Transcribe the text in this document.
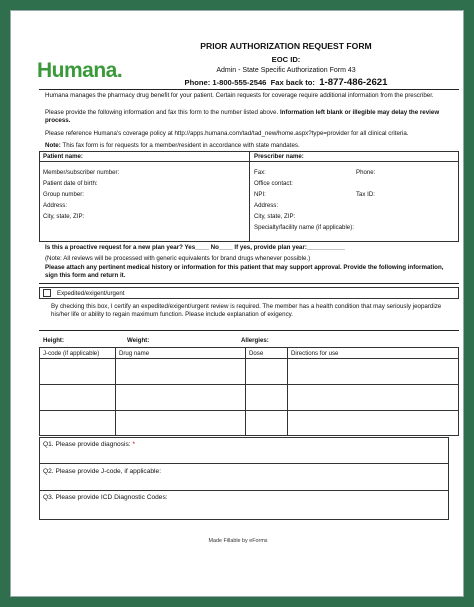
Humana.
PRIOR AUTHORIZATION REQUEST FORM
EOC ID:
Admin - State Specific Authorization Form 43
Phone: 1-800-555-2546 Fax back to: 1-877-486-2621
Humana manages the pharmacy drug benefit for your patient. Certain requests for coverage require additional information from the prescriber.
Please provide the following information and fax this form to the number listed above. Information left blank or illegible may delay the review process.
Please reference Humana's coverage policy at http://apps.humana.com/tad/tad_new/home.aspx?type=provider for all clinical criteria.
Note: This fax form is for requests for a member/resident in accordance with state mandates.
Patient name:
Member/subscriber number:
Patient date of birth:
Group number:
Address:
City, state, ZIP:
Prescriber name:
Fax:	Phone:
Office contact:
NPI:	Tax ID:
Address:
City, state, ZIP:
Specialty/facility name (if applicable):
Is this a proactive request for a new plan year? Yes____ No____ If yes, provide plan year:___________
(Note: All reviews will be processed with generic equivalents for brand drugs whenever possible.)
Please attach any pertinent medical history or information for this patient that may support approval. Provide the following information, sign this form and return it.
Expedited/exigent/urgent
By checking this box, I certify an expedited/exigent/urgent review is required. The member has a health condition that may seriously jeopardize his/her life or ability to regain maximum function. Please include explanation of exigency.
Height:	Weight:	Allergies:
J-code (if applicable)	Drug name	Dose	Directions for use
Q1. Please provide diagnosis: *
Q2. Please provide J-code, if applicable:
Q3. Please provide ICD Diagnostic Codes:
Made Fillable by eForms
